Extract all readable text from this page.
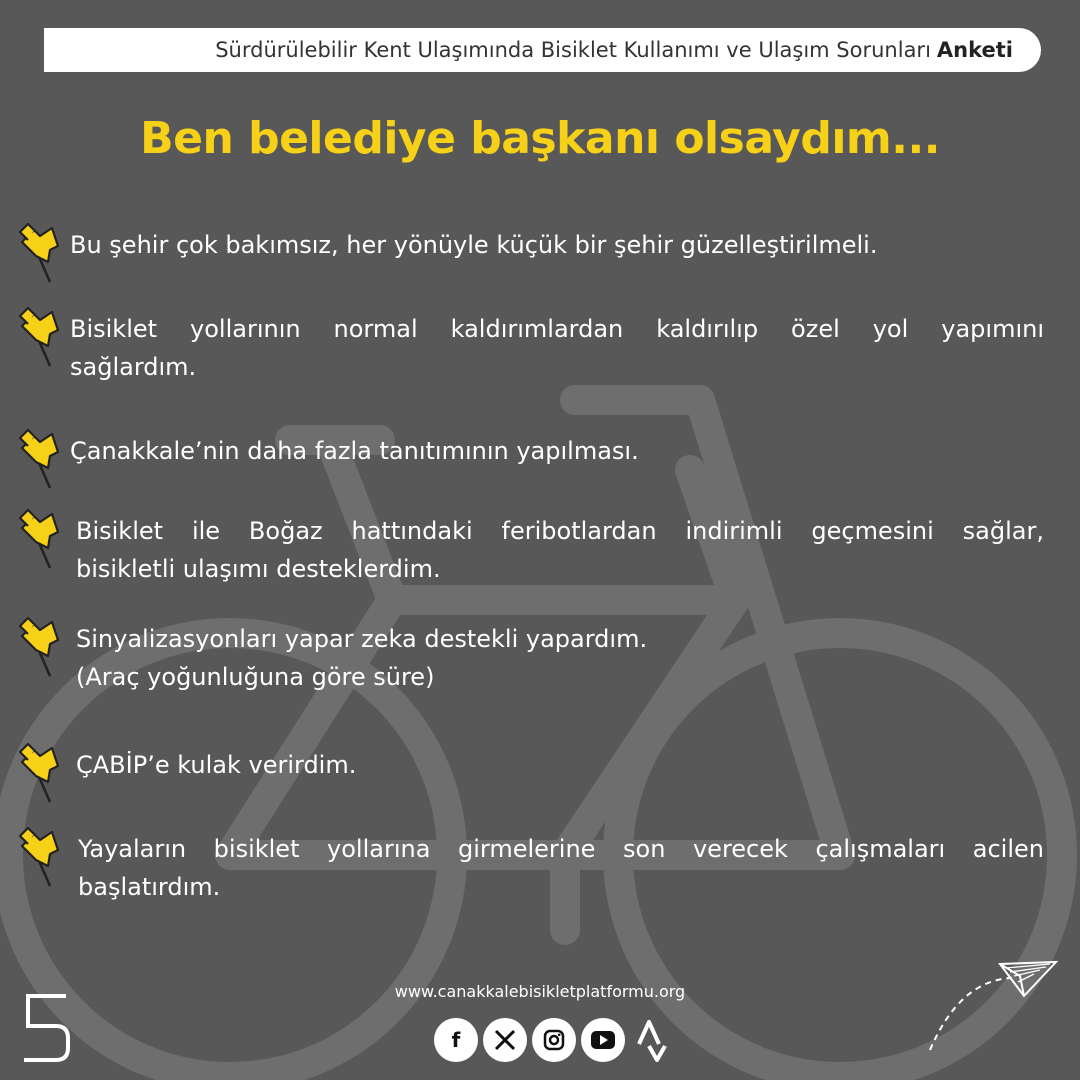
Sürdürülebilir Kent Ulaşımında Bisiklet Kullanımı ve Ulaşım Sorunları Anketi
Ben belediye başkanı olsaydım...
Bu şehir çok bakımsız, her yönüyle küçük bir şehir güzelleştirilmeli.
Bisiklet yollarının normal kaldırımlardan kaldırılıp özel yol yapımını
sağlardım.
Çanakkale’nin daha fazla tanıtımının yapılması.
Bisiklet ile Boğaz hattındaki feribotlardan indirimli geçmesini sağlar,
bisikletli ulaşımı desteklerdim.
Sinyalizasyonları yapar zeka destekli yapardım.
(Araç yoğunluğuna göre süre)
ÇABİP’e kulak verirdim.
Yayaların bisiklet yollarına girmelerine son verecek çalışmaları acilen
başlatırdım.
www.canakkalebisikletplatformu.org
f
